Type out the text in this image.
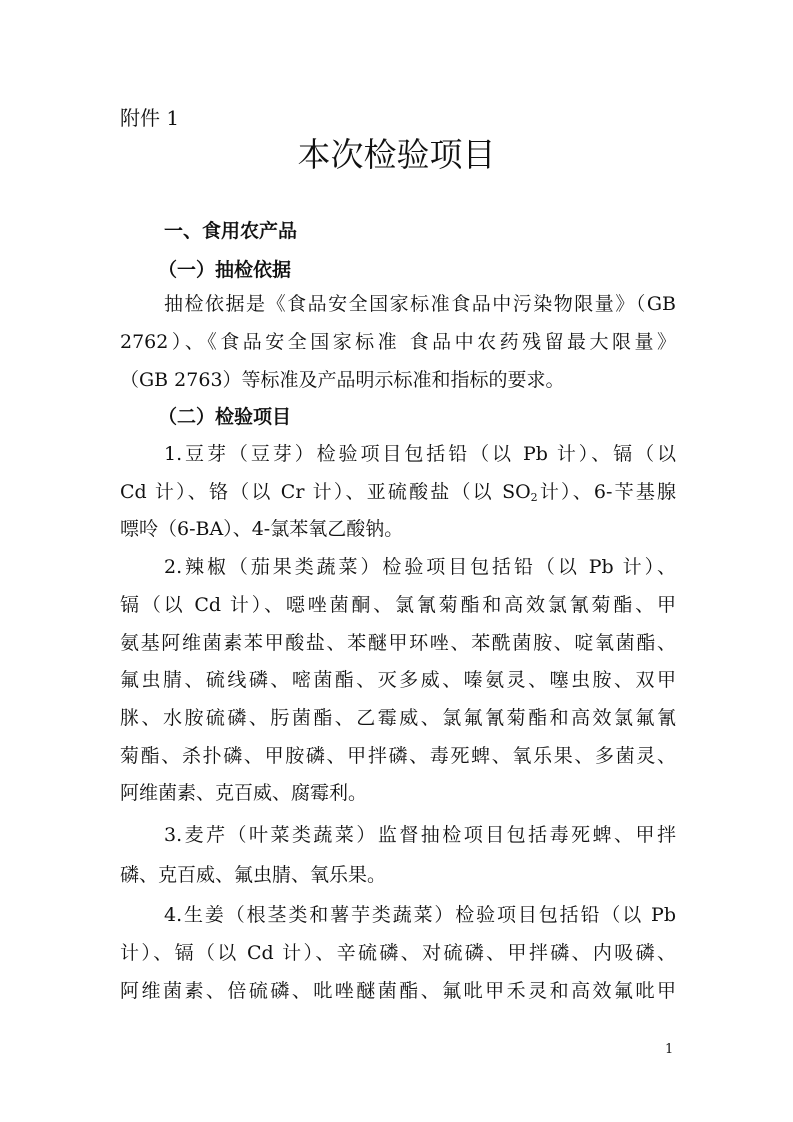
附件 1
本次检验项目
一、食用农产品
（一）抽检依据
抽检依据是《食品安全国家标准食品中污染物限量》（GB
2762）、《食品安全国家标准 食品中农药残留最大限量》
（GB 2763）等标准及产品明示标准和指标的要求。
（二）检验项目
1.豆芽（豆芽）检验项目包括铅（以 Pb 计）、镉（以
Cd 计）、铬（以 Cr 计）、亚硫酸盐（以 $SO_2$计）、6-苄基腺
嘌呤（6-BA）、4-氯苯氧乙酸钠。
2.辣椒（茄果类蔬菜）检验项目包括铅（以 Pb 计）、
镉（以 Cd 计）、噁唑菌酮、氯氰菊酯和高效氯氰菊酯、甲
氨基阿维菌素苯甲酸盐、苯醚甲环唑、苯酰菌胺、啶氧菌酯、
氟虫腈、硫线磷、嘧菌酯、灭多威、嗪氨灵、噻虫胺、双甲
脒、水胺硫磷、肟菌酯、乙霉威、氯氟氰菊酯和高效氯氟氰
菊酯、杀扑磷、甲胺磷、甲拌磷、毒死蜱、氧乐果、多菌灵、
阿维菌素、克百威、腐霉利。
3.麦芹（叶菜类蔬菜）监督抽检项目包括毒死蜱、甲拌
磷、克百威、氟虫腈、氧乐果。
4.生姜（根茎类和薯芋类蔬菜）检验项目包括铅（以 Pb
计）、镉（以 Cd 计）、辛硫磷、对硫磷、甲拌磷、内吸磷、
阿维菌素、倍硫磷、吡唑醚菌酯、氟吡甲禾灵和高效氟吡甲
1
